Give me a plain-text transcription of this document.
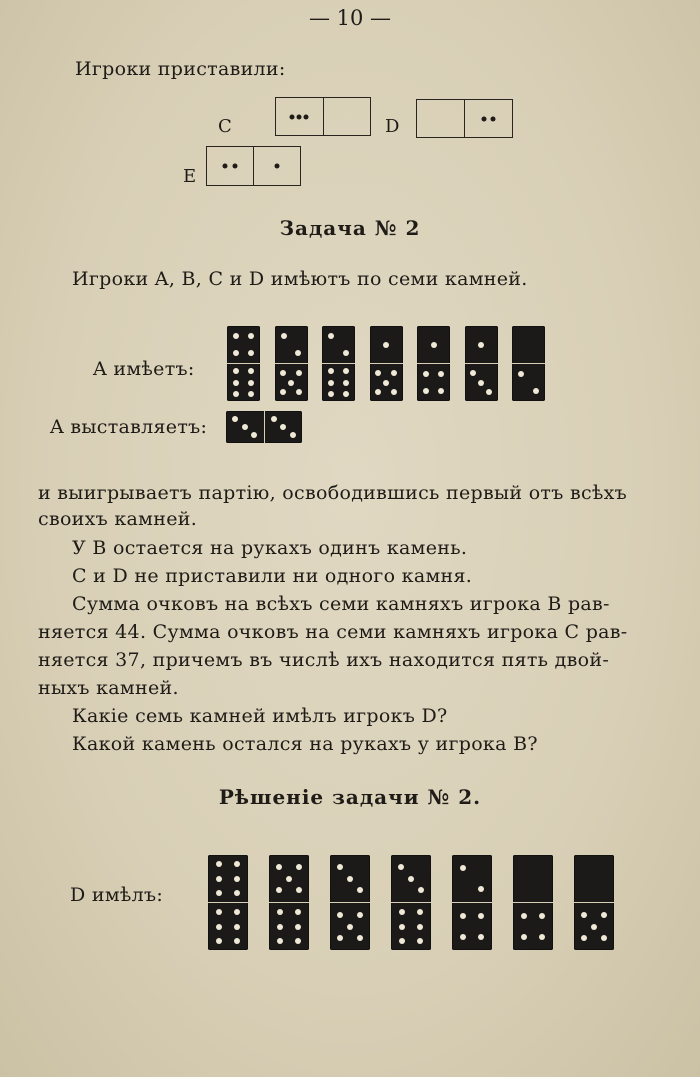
— 10 —
Игроки приставили:
C	D
E
Задача № 2
Игроки A, B, C и D имѣютъ по семи камней.
A имѣетъ:
A выставляетъ:
и выигрываетъ партію, освободившись первый отъ всѣхъ
своихъ камней.
У B остается на рукахъ одинъ камень.
C и D не приставили ни одного камня.
Сумма очковъ на всѣхъ семи камняхъ игрока B рав-
няется 44. Сумма очковъ на семи камняхъ игрока C рав-
няется 37, причемъ въ числѣ ихъ находится пять двой-
ныхъ камней.
Какіе семь камней имѣлъ игрокъ D?
Какой камень остался на рукахъ у игрока B?
Рѣшеніе задачи № 2.
D имѣлъ:
